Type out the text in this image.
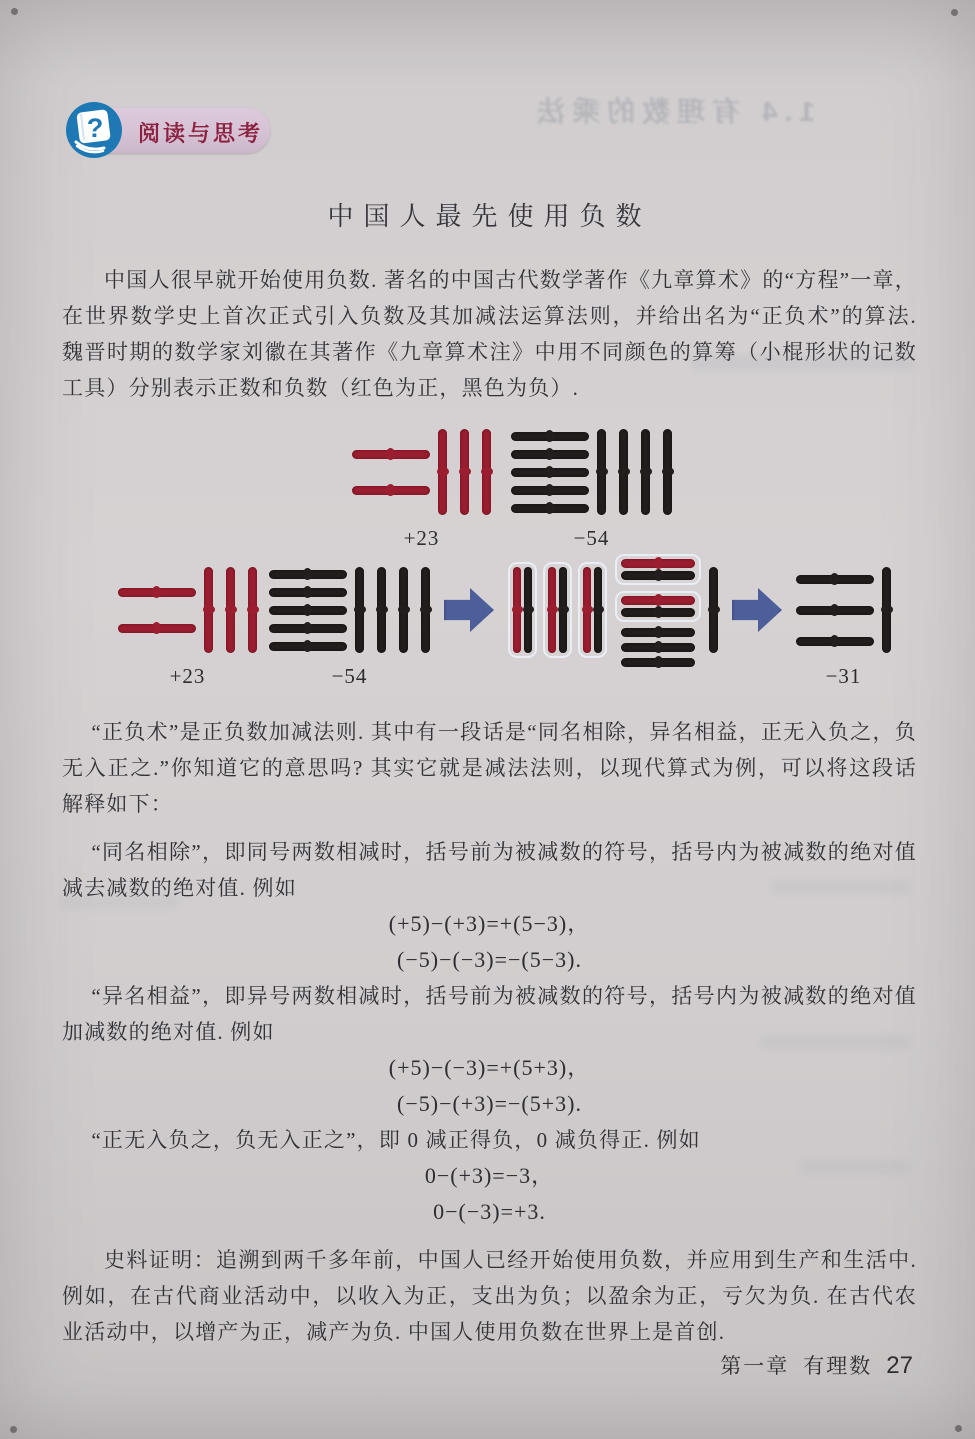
1.4 有理数的乘法
? 阅读与思考
中国人最先使用负数

中国人很早就开始使用负数. 著名的中国古代数学著作《九章算术》的“方程”一章，在世界数学史上首次正式引入负数及其加减法运算法则，并给出名为“正负术”的算法. 魏晋时期的数学家刘徽在其著作《九章算术注》中用不同颜色的算筹（小棍形状的记数工具）分别表示正数和负数（红色为正，黑色为负）.

+23	−54
+23	−54	−31

“正负术”是正负数加减法则. 其中有一段话是“同名相除，异名相益，正无入负之，负无入正之.”你知道它的意思吗? 其实它就是减法法则，以现代算式为例，可以将这段话解释如下：

“同名相除”，即同号两数相减时，括号前为被减数的符号，括号内为被减数的绝对值减去减数的绝对值. 例如

(+5)−(+3)=+(5−3)，
(−5)−(−3)=−(5−3).

“异名相益”，即异号两数相减时，括号前为被减数的符号，括号内为被减数的绝对值加减数的绝对值. 例如

(+5)−(−3)=+(5+3)，
(−5)−(+3)=−(5+3).

“正无入负之，负无入正之”，即 0 减正得负，0 减负得正. 例如

0−(+3)=−3，
0−(−3)=+3.

史料证明：追溯到两千多年前，中国人已经开始使用负数，并应用到生产和生活中. 例如，在古代商业活动中，以收入为正，支出为负；以盈余为正，亏欠为负. 在古代农业活动中，以增产为正，减产为负. 中国人使用负数在世界上是首创.

第一章 有理数 27
